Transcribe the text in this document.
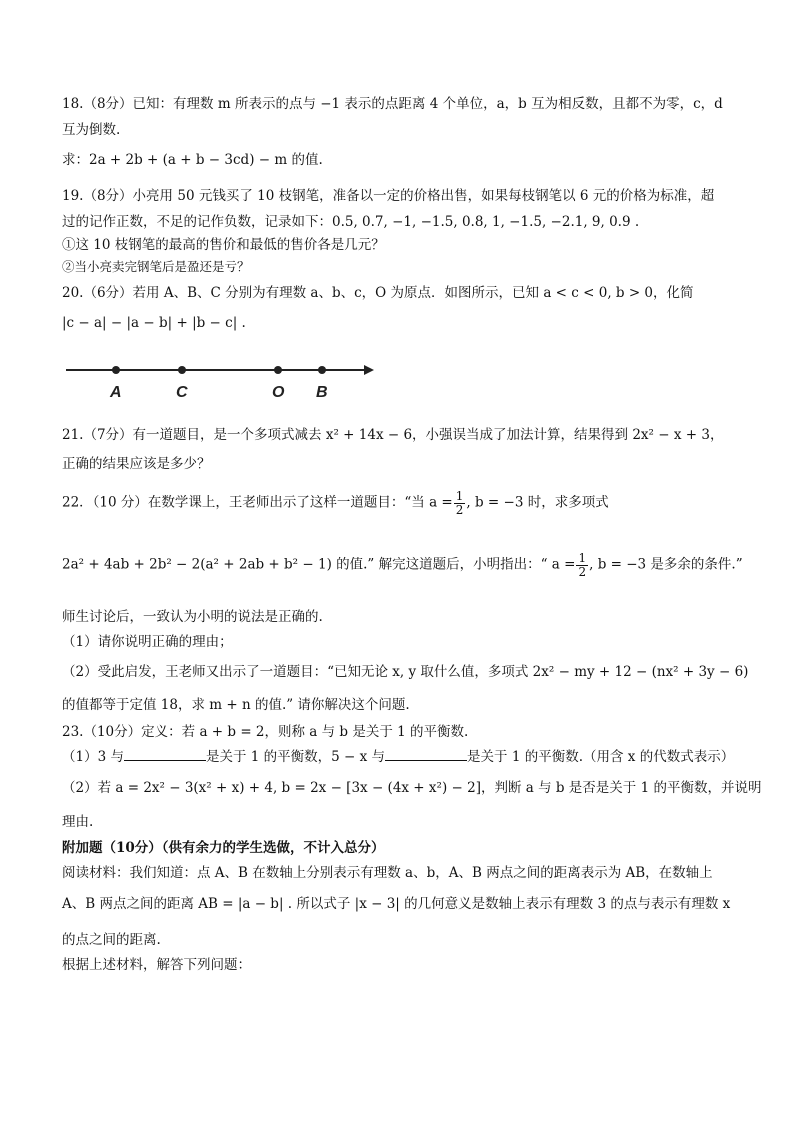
18.（8分）已知：有理数 m 所表示的点与 −1 表示的点距离 4 个单位，a，b 互为相反数，且都不为零，c，d
互为倒数.
求：2a + 2b + (a + b − 3cd) − m 的值.
19.（8分）小亮用 50 元钱买了 10 枝钢笔，准备以一定的价格出售，如果每枝钢笔以 6 元的价格为标准，超
过的记作正数，不足的记作负数，记录如下：0.5, 0.7, −1, −1.5, 0.8, 1, −1.5, −2.1, 9, 0.9 .
①这 10 枝钢笔的最高的售价和最低的售价各是几元？
②当小亮卖完钢笔后是盈还是亏？
20.（6分）若用 A、B、C 分别为有理数 a、b、c，O 为原点．如图所示，已知 a < c < 0, b > 0，化简
|c − a| − |a − b| + |b − c| .
A	C	O B
21.（7分）有一道题目，是一个多项式减去 x² + 14x − 6，小强误当成了加法计算，结果得到 2x² − x + 3，
正确的结果应该是多少？
22．（10 分）在数学课上，王老师出示了这样一道题目：“当 $a = \frac{1}{2}$ , b = −3 时，求多项式
2a² + 4ab + 2b² − 2(a² + 2ab + b² − 1) 的值.” 解完这道题后，小明指出：“ $a = \frac{1}{2}$ , b = −3 是多余的条件.”
师生讨论后，一致认为小明的说法是正确的.
（1）请你说明正确的理由；
（2）受此启发，王老师又出示了一道题目：“已知无论 x, y 取什么值，多项式 2x² − my + 12 − (nx² + 3y − 6)
的值都等于定值 18，求 m + n 的值.” 请你解决这个问题.
23.（10分）定义：若 a + b = 2，则称 a 与 b 是关于 1 的平衡数.
（1）3 与	是关于 1 的平衡数，5 − x 与	是关于 1 的平衡数.（用含 x 的代数式表示）
（2）若 a = 2x² − 3(x² + x) + 4, b = 2x − [3x − (4x + x²) − 2]，判断 a 与 b 是否是关于 1 的平衡数，并说明
理由.
附加题（10分）（供有余力的学生选做，不计入总分）
阅读材料：我们知道：点 A、B 在数轴上分别表示有理数 a、b，A、B 两点之间的距离表示为 AB，在数轴上
A、B 两点之间的距离 AB = |a − b| . 所以式子 |x − 3| 的几何意义是数轴上表示有理数 3 的点与表示有理数 x
的点之间的距离.
根据上述材料，解答下列问题：
